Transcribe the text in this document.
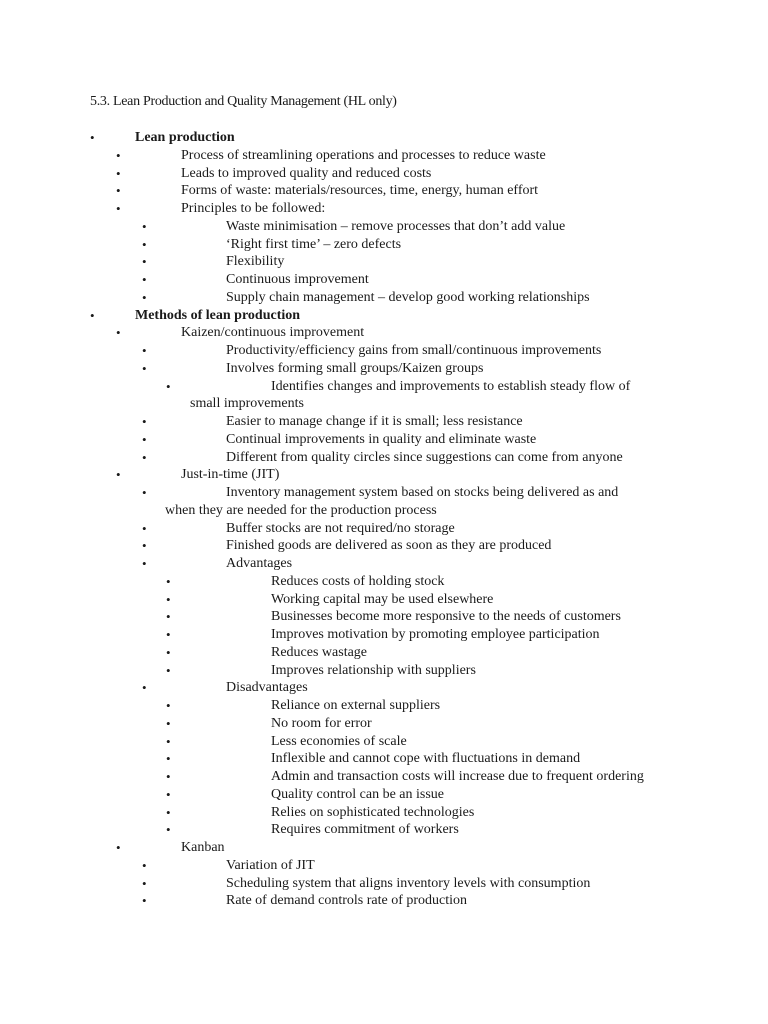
5.3. Lean Production and Quality Management (HL only)
•	Lean production
•	Process of streamlining operations and processes to reduce waste
•	Leads to improved quality and reduced costs
•	Forms of waste: materials/resources, time, energy, human effort
•	Principles to be followed:
•	Waste minimisation – remove processes that don’t add value
•	‘Right first time’ – zero defects
•	Flexibility
•	Continuous improvement
•	Supply chain management – develop good working relationships
•	Methods of lean production
•	Kaizen/continuous improvement
•	Productivity/efficiency gains from small/continuous improvements
•	Involves forming small groups/Kaizen groups
•	Identifies changes and improvements to establish steady flow of
small improvements
•	Easier to manage change if it is small; less resistance
•	Continual improvements in quality and eliminate waste
•	Different from quality circles since suggestions can come from anyone
•	Just-in-time (JIT)
•	Inventory management system based on stocks being delivered as and
when they are needed for the production process
•	Buffer stocks are not required/no storage
•	Finished goods are delivered as soon as they are produced
•	Advantages
•	Reduces costs of holding stock
•	Working capital may be used elsewhere
•	Businesses become more responsive to the needs of customers
•	Improves motivation by promoting employee participation
•	Reduces wastage
•	Improves relationship with suppliers
•	Disadvantages
•	Reliance on external suppliers
•	No room for error
•	Less economies of scale
•	Inflexible and cannot cope with fluctuations in demand
•	Admin and transaction costs will increase due to frequent ordering
•	Quality control can be an issue
•	Relies on sophisticated technologies
•	Requires commitment of workers
•	Kanban
•	Variation of JIT
•	Scheduling system that aligns inventory levels with consumption
•	Rate of demand controls rate of production
